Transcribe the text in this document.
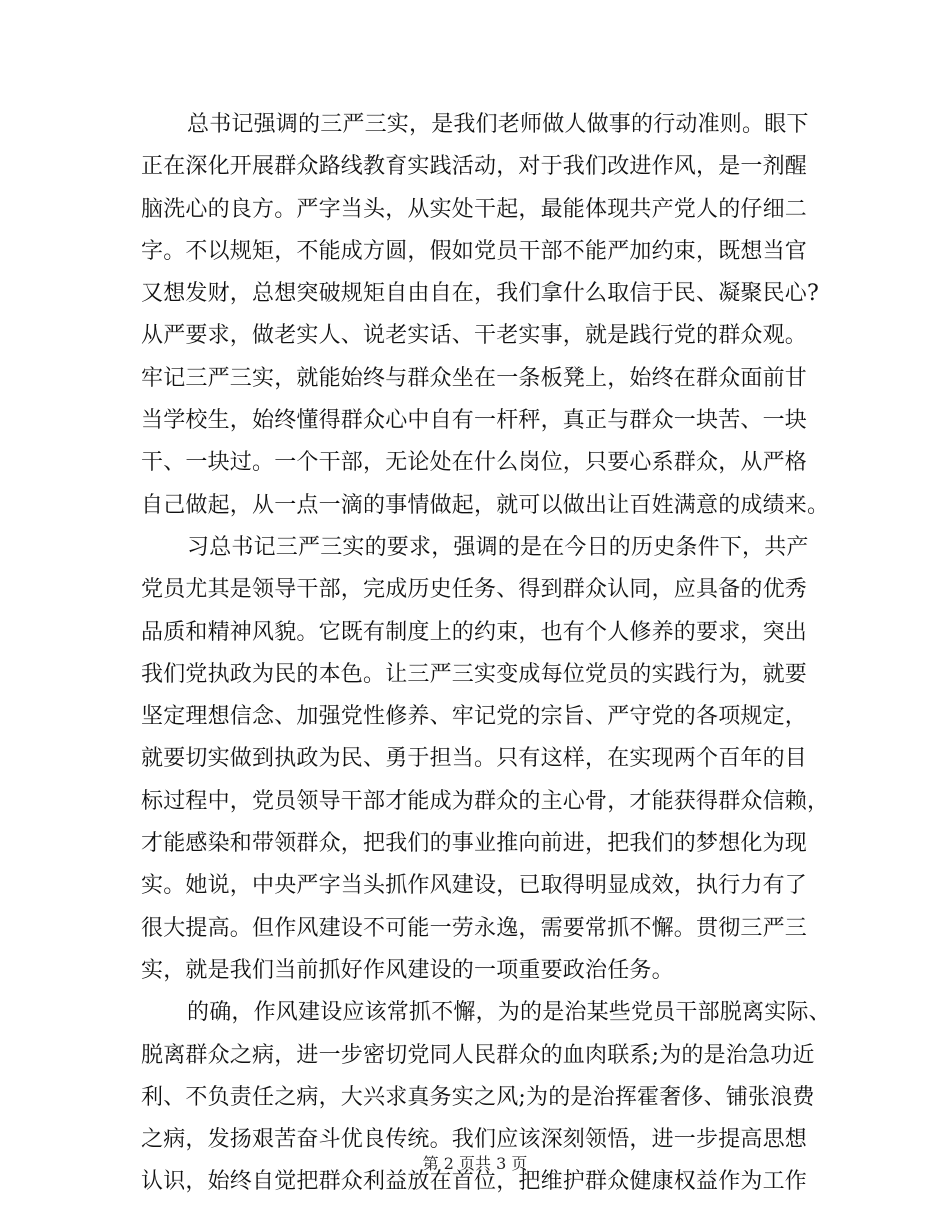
总书记强调的三严三实，是我们老师做人做事的行动准则。眼下
正在深化开展群众路线教育实践活动，对于我们改进作风，是一剂醒
脑洗心的良方。严字当头，从实处干起，最能体现共产党人的仔细二
字。不以规矩，不能成方圆，假如党员干部不能严加约束，既想当官
又想发财，总想突破规矩自由自在，我们拿什么取信于民、凝聚民心?
从严要求，做老实人、说老实话、干老实事，就是践行党的群众观。
牢记三严三实，就能始终与群众坐在一条板凳上，始终在群众面前甘
当学校生，始终懂得群众心中自有一杆秤，真正与群众一块苦、一块
干、一块过。一个干部，无论处在什么岗位，只要心系群众，从严格
自己做起，从一点一滴的事情做起，就可以做出让百姓满意的成绩来。
习总书记三严三实的要求，强调的是在今日的历史条件下，共产
党员尤其是领导干部，完成历史任务、得到群众认同，应具备的优秀
品质和精神风貌。它既有制度上的约束，也有个人修养的要求，突出
我们党执政为民的本色。让三严三实变成每位党员的实践行为，就要
坚定理想信念、加强党性修养、牢记党的宗旨、严守党的各项规定，
就要切实做到执政为民、勇于担当。只有这样，在实现两个百年的目
标过程中，党员领导干部才能成为群众的主心骨，才能获得群众信赖，
才能感染和带领群众，把我们的事业推向前进，把我们的梦想化为现
实。她说，中央严字当头抓作风建设，已取得明显成效，执行力有了
很大提高。但作风建设不可能一劳永逸，需要常抓不懈。贯彻三严三
实，就是我们当前抓好作风建设的一项重要政治任务。
的确，作风建设应该常抓不懈，为的是治某些党员干部脱离实际、
脱离群众之病，进一步密切党同人民群众的血肉联系;为的是治急功近
利、不负责任之病，大兴求真务实之风;为的是治挥霍奢侈、铺张浪费
之病，发扬艰苦奋斗优良传统。我们应该深刻领悟，进一步提高思想
认识，始终自觉把群众利益放在首位，把维护群众健康权益作为工作
第 2 页共 3 页
